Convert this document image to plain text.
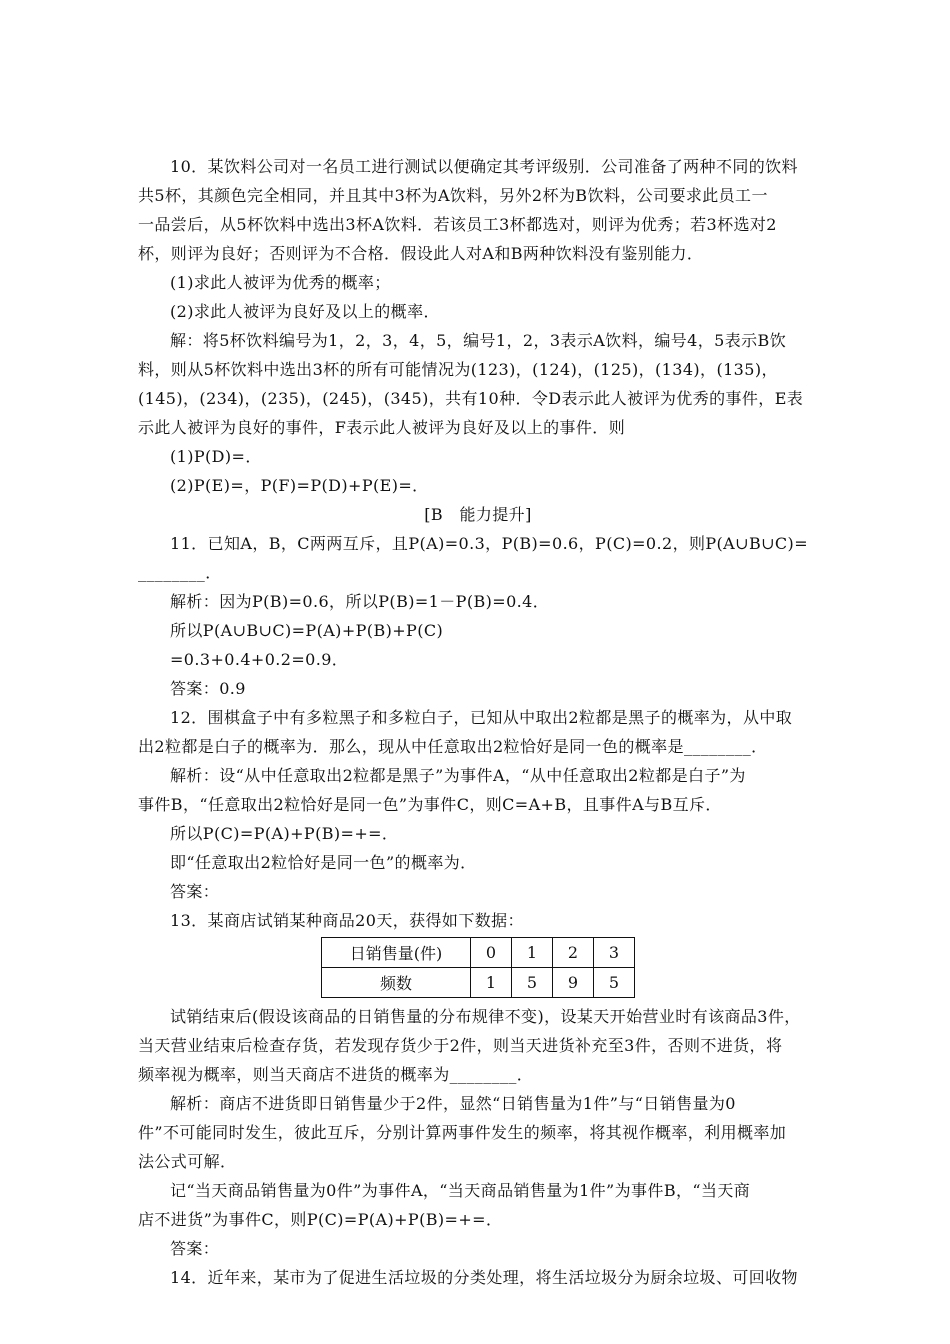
10．某饮料公司对一名员工进行测试以便确定其考评级别．公司准备了两种不同的饮料
共5杯，其颜色完全相同，并且其中3杯为A饮料，另外2杯为B饮料，公司要求此员工一
一品尝后，从5杯饮料中选出3杯A饮料．若该员工3杯都选对，则评为优秀；若3杯选对2
杯，则评为良好；否则评为不合格．假设此人对A和B两种饮料没有鉴别能力．
(1)求此人被评为优秀的概率；
(2)求此人被评为良好及以上的概率．
解：将5杯饮料编号为1，2，3，4，5，编号1，2，3表示A饮料，编号4，5表示B饮
料，则从5杯饮料中选出3杯的所有可能情况为(123)，(124)，(125)，(134)，(135)，
(145)，(234)，(235)，(245)，(345)，共有10种．令D表示此人被评为优秀的事件，E表
示此人被评为良好的事件，F表示此人被评为良好及以上的事件．则
(1)P(D)=．
(2)P(E)=，P(F)=P(D)+P(E)=．
[B　能力提升]
11．已知A，B，C两两互斥，且P(A)=0.3，P(B)=0.6，P(C)=0.2，则P(A∪B∪C)=
________．
解析：因为P(B)=0.6，所以P(B)=1－P(B)=0.4．
所以P(A∪B∪C)=P(A)+P(B)+P(C)
=0.3+0.4+0.2=0.9．
答案：0.9
12．围棋盒子中有多粒黑子和多粒白子，已知从中取出2粒都是黑子的概率为，从中取
出2粒都是白子的概率为．那么，现从中任意取出2粒恰好是同一色的概率是________．
解析：设“从中任意取出2粒都是黑子”为事件A，“从中任意取出2粒都是白子”为
事件B，“任意取出2粒恰好是同一色”为事件C，则C=A+B，且事件A与B互斥．
所以P(C)=P(A)+P(B)=+=．
即“任意取出2粒恰好是同一色”的概率为．
答案：
13．某商店试销某种商品20天，获得如下数据：
日销售量(件)	0	1	2	3
频数	1	5	9	5
试销结束后(假设该商品的日销售量的分布规律不变)，设某天开始营业时有该商品3件，
当天营业结束后检查存货，若发现存货少于2件，则当天进货补充至3件，否则不进货，将
频率视为概率，则当天商店不进货的概率为________．
解析：商店不进货即日销售量少于2件，显然“日销售量为1件”与“日销售量为0
件”不可能同时发生，彼此互斥，分别计算两事件发生的频率，将其视作概率，利用概率加
法公式可解．
记“当天商品销售量为0件”为事件A，“当天商品销售量为1件”为事件B，“当天商
店不进货”为事件C，则P(C)=P(A)+P(B)=+=．
答案：
14．近年来，某市为了促进生活垃圾的分类处理，将生活垃圾分为厨余垃圾、可回收物
